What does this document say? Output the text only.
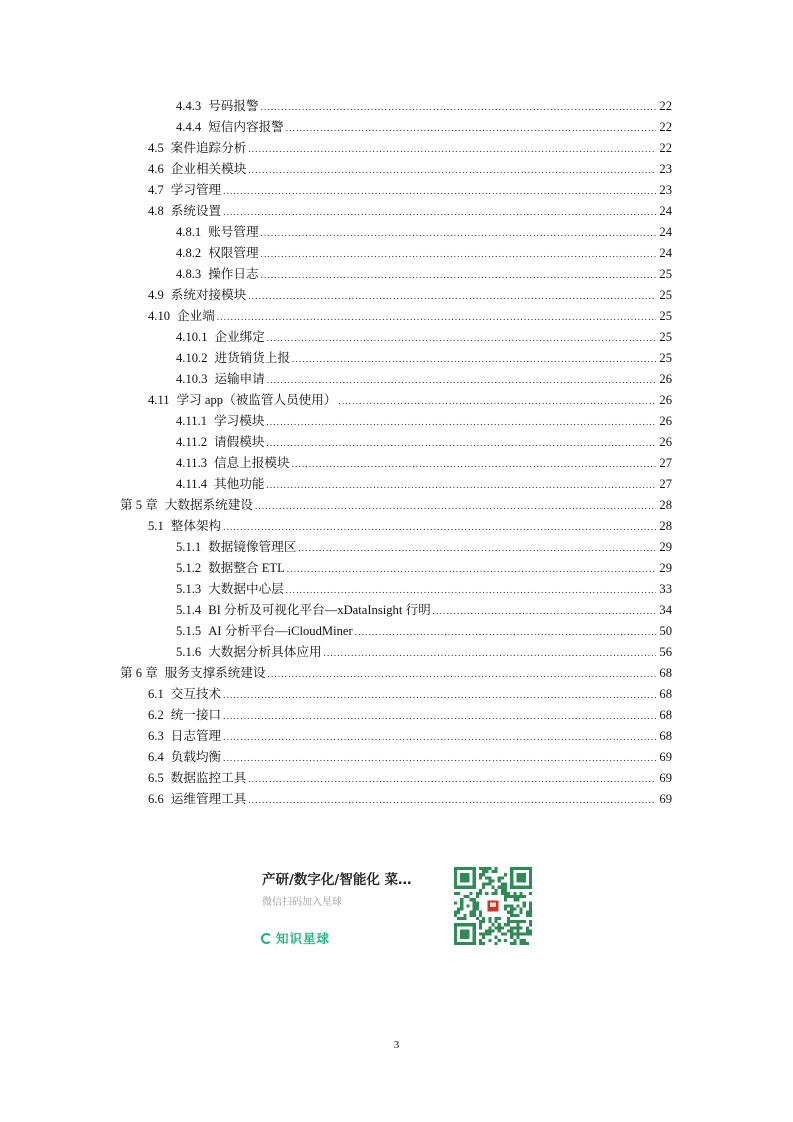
4.4.3 号码报警 .....	22
4.4.4 短信内容报警 .....	22
4.5 案件追踪分析 .....	22
4.6 企业相关模块 .....	23
4.7 学习管理 .....	23
4.8 系统设置 .....	24
4.8.1 账号管理 .....	24
4.8.2 权限管理 .....	24
4.8.3 操作日志 .....	25
4.9 系统对接模块 .....	25
4.10 企业端 .....	25
4.10.1 企业绑定 .....	25
4.10.2 进货销货上报 .....	25
4.10.3 运输申请 .....	26
4.11 学习 app（被监管人员使用） .....	26
4.11.1 学习模块 .....	26
4.11.2 请假模块 .....	26
4.11.3 信息上报模块 .....	27
4.11.4 其他功能 .....	27
第 5 章 大数据系统建设 .....	28
5.1 整体架构 .....	28
5.1.1 数据镜像管理区 .....	29
5.1.2 数据整合 ETL .....	29
5.1.3 大数据中心层 .....	33
5.1.4 BI 分析及可视化平台—xDataInsight 行明 .....	34
5.1.5 AI 分析平台—iCloudMiner .....	50
5.1.6 大数据分析具体应用 .....	56
第 6 章 服务支撑系统建设 .....	68
6.1 交互技术 .....	68
6.2 统一接口 .....	68
6.3 日志管理 .....	68
6.4 负载均衡 .....	69
6.5 数据监控工具 .....	69
6.6 运维管理工具 .....	69
产研/数字化/智能化 菜…
微信扫码加入星球
知识星球
3
